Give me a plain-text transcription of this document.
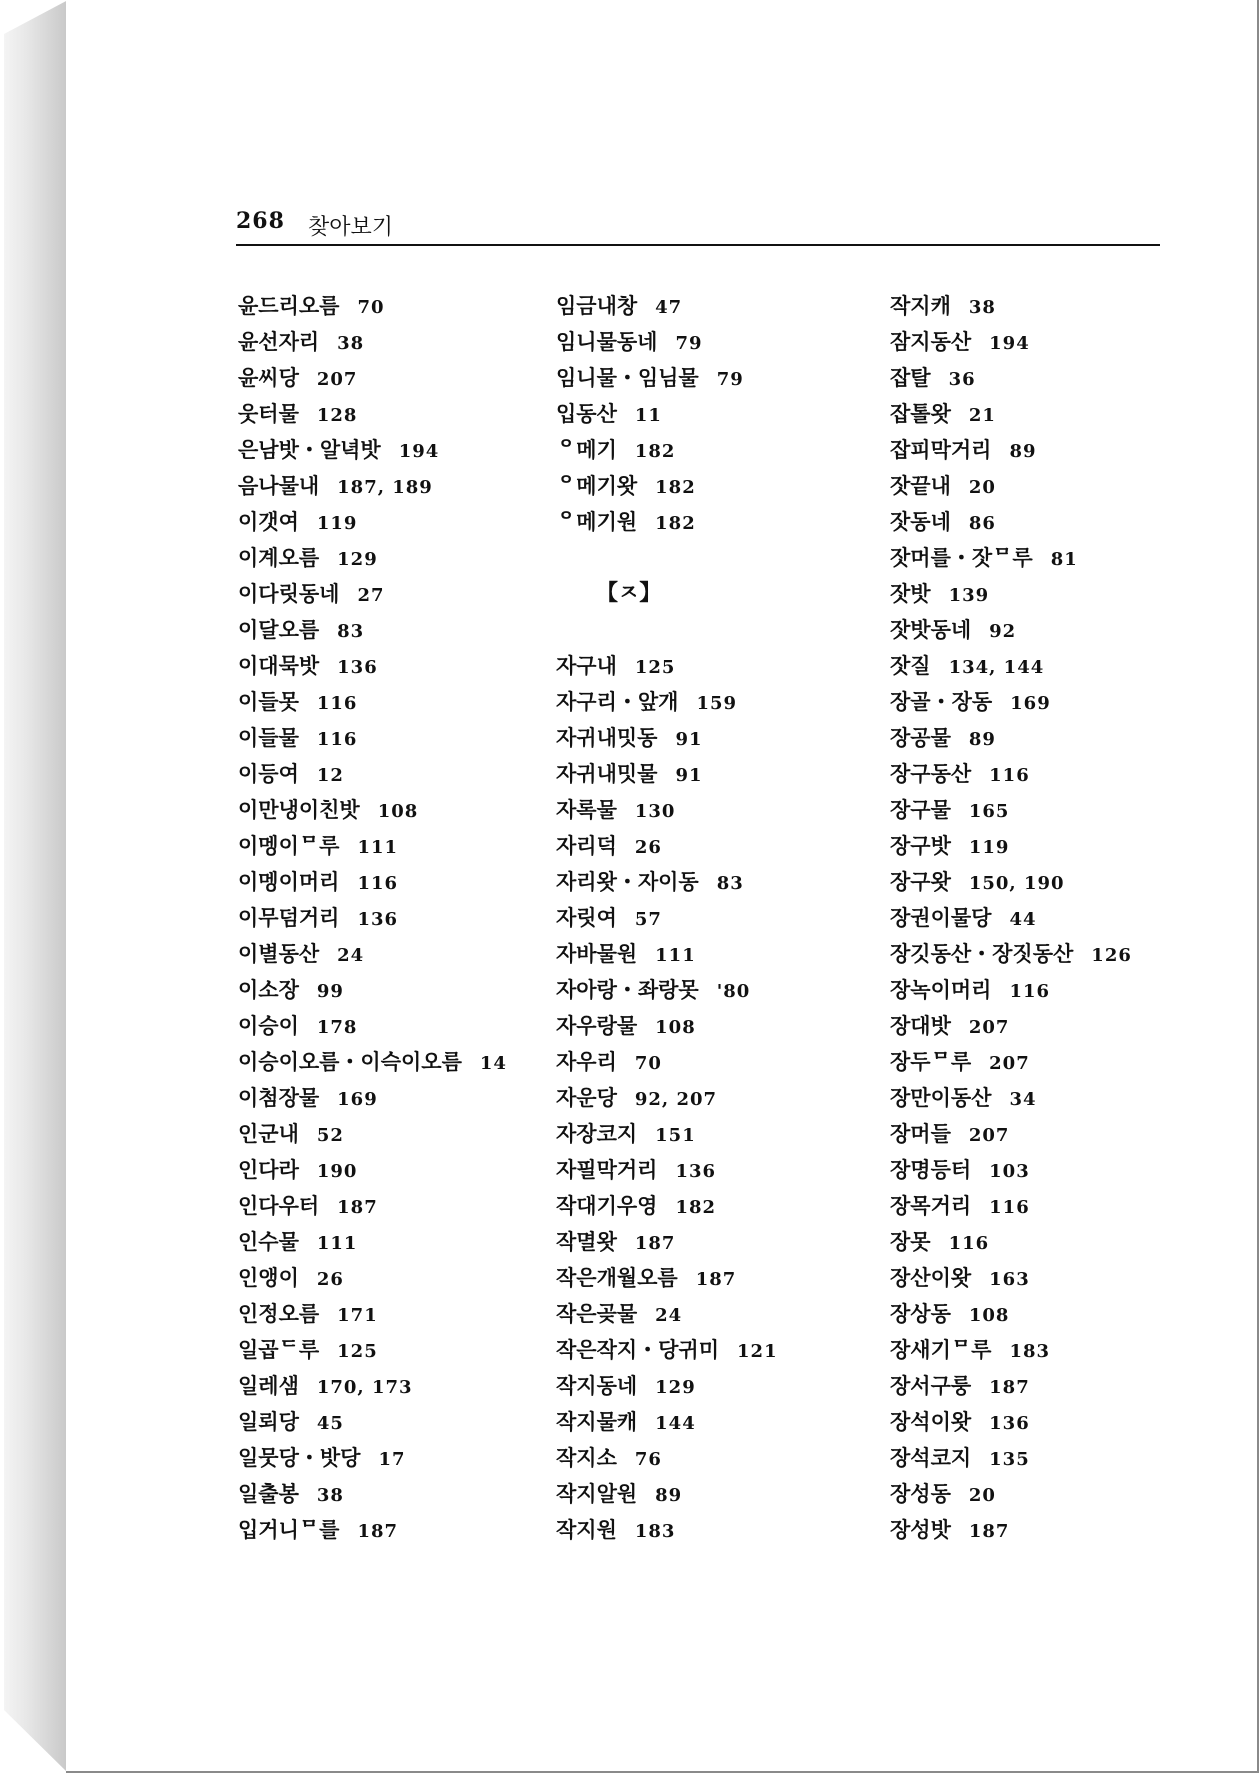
268 찾아보기
윤드리오름 70
윤선자리 38
윤씨당 207
웃터물 128
은남밧・알녁밧 194
음나물내 187, 189
이갯여 119
이계오름 129
이다릿동네 27
이달오름 83
이대묵밧 136
이들못 116
이들물 116
이등여 12
이만냉이친밧 108
이멩이ᄆ루 111
이멩이머리 116
이무덤거리 136
이별동산 24
이소장 99
이승이 178
이승이오름・이슥이오름 14
이첨장물 169
인군내 52
인다라 190
인다우터 187
인수물 111
인앵이 26
인정오름 171
일곱ᄃ루 125
일레샘 170, 173
일뢰당 45
일뭇당・밧당 17
일출봉 38
입거니ᄆ를 187
임금내창 47
임니물동네 79
임니물・임님물 79
입동산 11
ᄋ메기 182
ᄋ메기왓 182
ᄋ메기원 182
【ㅈ】
자구내 125
자구리・앞개 159
자귀내밋동 91
자귀내밋물 91
자록물 130
자리덕 26
자리왓・자이동 83
자릿여 57
자바물원 111
자아랑・좌랑못 '80
자우랑물 108
자우리 70
자운당 92, 207
자장코지 151
자필막거리 136
작대기우영 182
작멸왓 187
작은개월오름 187
작은곶물 24
작은작지・당귀미 121
작지동네 129
작지물캐 144
작지소 76
작지알원 89
작지원 183
작지캐 38
잠지동산 194
잡탈 36
잡톨왓 21
잡피막거리 89
잣끝내 20
잣동네 86
잣머를・잣ᄆ루 81
잣밧 139
잣밧동네 92
잣질 134, 144
장골・장동 169
장공물 89
장구동산 116
장구물 165
장구밧 119
장구왓 150, 190
장권이물당 44
장깃동산・장짓동산 126
장녹이머리 116
장대밧 207
장두ᄆ루 207
장만이동산 34
장머들 207
장명등터 103
장목거리 116
장못 116
장산이왓 163
장상동 108
장새기ᄆ루 183
장서구룽 187
장석이왓 136
장석코지 135
장성동 20
장성밧 187
